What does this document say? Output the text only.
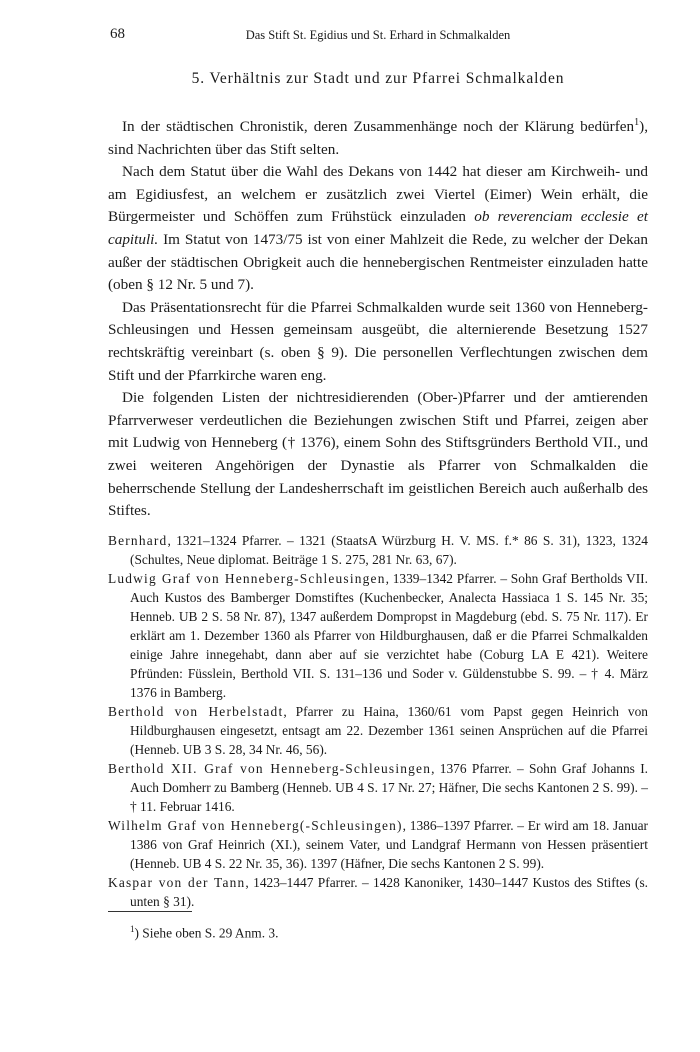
68	Das Stift St. Egidius und St. Erhard in Schmalkalden
5. Verhältnis zur Stadt und zur Pfarrei Schmalkalden

In der städtischen Chronistik, deren Zusammenhänge noch der Klärung bedürfen$^1$), sind Nachrichten über das Stift selten.

Nach dem Statut über die Wahl des Dekans von 1442 hat dieser am Kirchweih- und am Egidiusfest, an welchem er zusätzlich zwei Viertel (Eimer) Wein erhält, die Bürgermeister und Schöffen zum Frühstück einzuladen ob reverenciam ecclesie et capituli. Im Statut von 1473/75 ist von einer Mahlzeit die Rede, zu welcher der Dekan außer der städtischen Obrigkeit auch die hennebergischen Rentmeister einzuladen hatte (oben § 12 Nr. 5 und 7).

Das Präsentationsrecht für die Pfarrei Schmalkalden wurde seit 1360 von Henneberg-Schleusingen und Hessen gemeinsam ausgeübt, die alternierende Besetzung 1527 rechtskräftig vereinbart (s. oben § 9). Die personellen Verflechtungen zwischen dem Stift und der Pfarrkirche waren eng.

Die folgenden Listen der nichtresidierenden (Ober-)Pfarrer und der amtierenden Pfarrverweser verdeutlichen die Beziehungen zwischen Stift und Pfarrei, zeigen aber mit Ludwig von Henneberg († 1376), einem Sohn des Stiftsgründers Berthold VII., und zwei weiteren Angehörigen der Dynastie als Pfarrer von Schmalkalden die beherrschende Stellung der Landesherrschaft im geistlichen Bereich auch außerhalb des Stiftes.

Bernhard, 1321–1324 Pfarrer. – 1321 (StaatsA Würzburg H. V. MS. f.* 86 S. 31), 1323, 1324 (Schultes, Neue diplomat. Beiträge 1 S. 275, 281 Nr. 63, 67).
Ludwig Graf von Henneberg-Schleusingen, 1339–1342 Pfarrer. – Sohn Graf Bertholds VII. Auch Kustos des Bamberger Domstiftes (Kuchenbecker, Analecta Hassiaca 1 S. 145 Nr. 35; Henneb. UB 2 S. 58 Nr. 87), 1347 außerdem Dompropst in Magdeburg (ebd. S. 75 Nr. 117). Er erklärt am 1. Dezember 1360 als Pfarrer von Hildburghausen, daß er die Pfarrei Schmalkalden einige Jahre innegehabt, dann aber auf sie verzichtet habe (Coburg LA E 421). Weitere Pfründen: Füsslein, Berthold VII. S. 131–136 und Soder v. Güldenstubbe S. 99. – † 4. März 1376 in Bamberg.
Berthold von Herbelstadt, Pfarrer zu Haina, 1360/61 vom Papst gegen Heinrich von Hildburghausen eingesetzt, entsagt am 22. Dezember 1361 seinen Ansprüchen auf die Pfarrei (Henneb. UB 3 S. 28, 34 Nr. 46, 56).
Berthold XII. Graf von Henneberg-Schleusingen, 1376 Pfarrer. – Sohn Graf Johanns I. Auch Domherr zu Bamberg (Henneb. UB 4 S. 17 Nr. 27; Häfner, Die sechs Kantonen 2 S. 99). – † 11. Februar 1416.
Wilhelm Graf von Henneberg(-Schleusingen), 1386–1397 Pfarrer. – Er wird am 18. Januar 1386 von Graf Heinrich (XI.), seinem Vater, und Landgraf Hermann von Hessen präsentiert (Henneb. UB 4 S. 22 Nr. 35, 36). 1397 (Häfner, Die sechs Kantonen 2 S. 99).
Kaspar von der Tann, 1423–1447 Pfarrer. – 1428 Kanoniker, 1430–1447 Kustos des Stiftes (s. unten § 31).
$^1$) Siehe oben S. 29 Anm. 3.
